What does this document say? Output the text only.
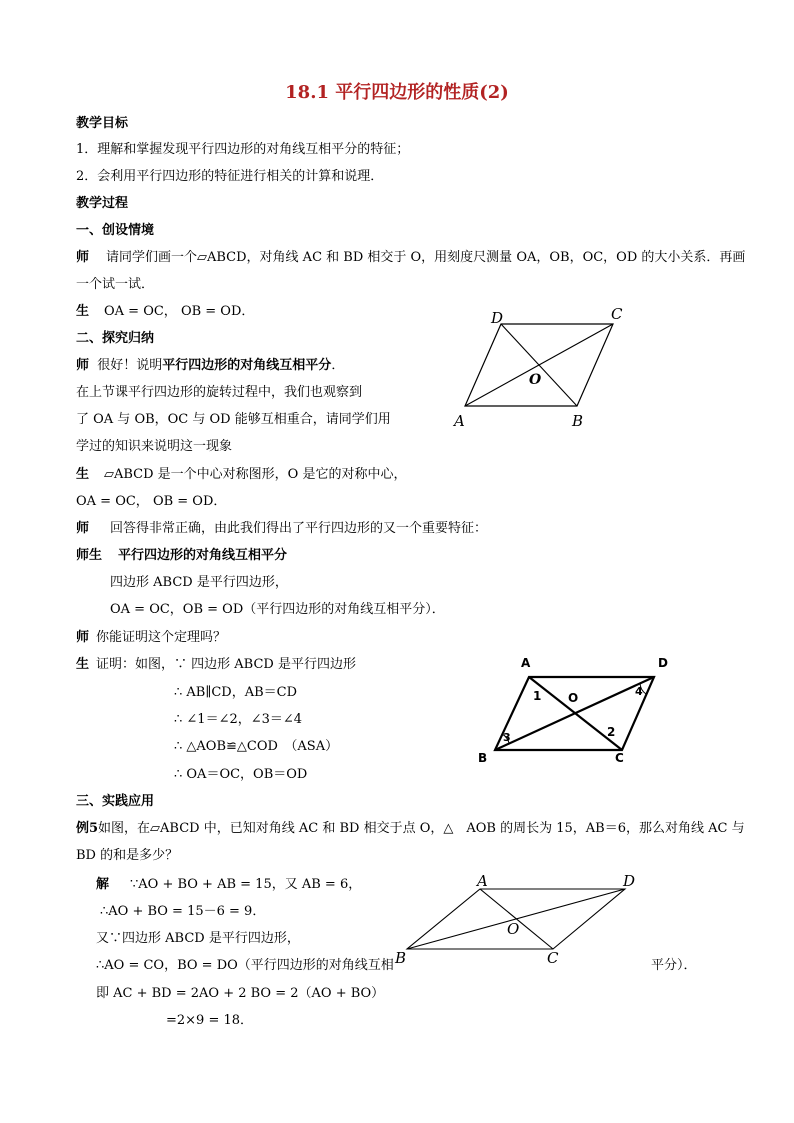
18.1 平行四边形的性质(2)
教学目标
1．理解和掌握发现平行四边形的对角线互相平分的特征；
2．会利用平行四边形的特征进行相关的计算和说理．
教学过程
一、创设情境
师 请同学们画一个▱ABCD，对角线 AC 和 BD 相交于 O，用刻度尺测量 OA，OB，OC，OD 的大小关系．再画
一个试一试．
生 OA = OC， OB = OD．
二、探究归纳
师 很好！说明平行四边形的对角线互相平分．
在上节课平行四边形的旋转过程中，我们也观察到
了 OA 与 OB，OC 与 OD 能够互相重合，请同学们用
学过的知识来说明这一现象
生 ▱ABCD 是一个中心对称图形，O 是它的对称中心，
OA = OC， OB = OD．
师 回答得非常正确，由此我们得出了平行四边形的又一个重要特征：
师生 平行四边形的对角线互相平分
四边形 ABCD 是平行四边形，
OA = OC，OB = OD（平行四边形的对角线互相平分）．
师 你能证明这个定理吗？
生 证明：如图，∵ 四边形 ABCD 是平行四边形
∴ AB∥CD，AB＝CD
∴ ∠1＝∠2，∠3＝∠4
∴ △AOB≌△COD　（ASA）
∴ OA＝OC，OB＝OD
三、实践应用
例5如图，在▱ABCD 中，已知对角线 AC 和 BD 相交于点 O，△　AOB 的周长为 15，AB＝6，那么对角线 AC 与
BD 的和是多少？
解 ∵AO + BO + AB = 15，又 AB = 6，
∴AO + BO = 15－6 = 9．
又∵四边形 ABCD 是平行四边形，
∴AO = CO，BO = DO（平行四边形的对角线互相	平分）．
即 AC + BD = 2AO + 2 BO = 2（AO + BO）
=2×9 = 18．
D	C
O
A	B
A	D
B	C
O
1
2
3
4
A	D
B	C
O
